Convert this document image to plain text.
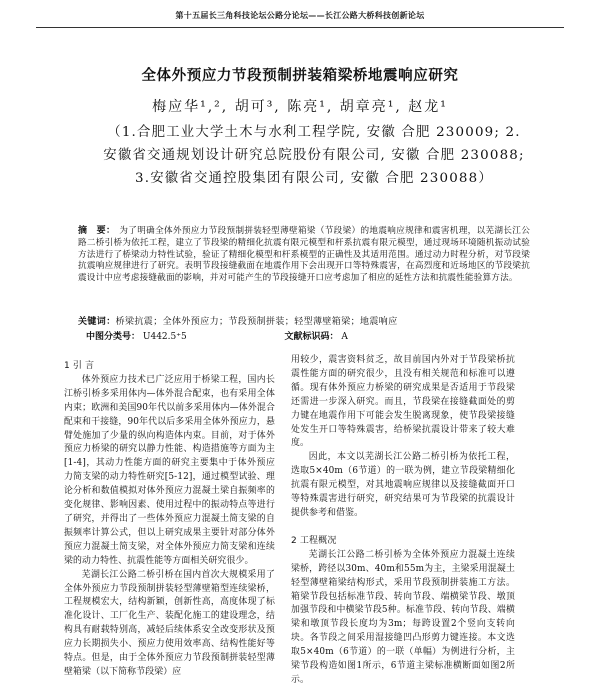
第十五届长三角科技论坛公路分论坛——长江公路大桥科技创新论坛
全体外预应力节段预制拼装箱梁桥地震响应研究
梅应华¹,², 胡可³, 陈亮¹, 胡章亮¹, 赵龙¹
（1.合肥工业大学土木与水利工程学院, 安徽 合肥 230009; 2.
安徽省交通规划设计研究总院股份有限公司, 安徽 合肥 230088;
3.安徽省交通控股集团有限公司, 安徽 合肥 230088）
摘　要： 为了明确全体外预应力节段预制拼装轻型薄壁箱梁（节段梁）的地震响应规律和震害机理，以芜湖长江公路二桥引桥为依托工程，建立了节段梁的精细化抗震有限元模型和杆系抗震有限元模型，通过现场环境随机振动试验方法进行了桥梁动力特性试验，验证了精细化模型和杆系模型的正确性及其适用范围。通过动力时程分析，对节段梁抗震响应规律进行了研究。表明节段接缝截面在地震作用下会出现开口等特殊震害，在高烈度和近场地区的节段梁抗震设计中应考虑接缝截面的影响，并对可能产生的节段接缝开口应考虑加了相应的延性方法和抗震性能验算方法。
关键词：桥梁抗震；全体外预应力；节段预制拼装；轻型薄壁箱梁；地震响应
中图分类号： U442.5⁺5	文献标识码： A

1 引 言

体外预应力技术已广泛应用于桥梁工程，国内长江桥引桥多采用体内—体外混合配束，也有采用全体内束；欧洲和美国90年代以前多采用体内—体外混合配束和干接缝，90年代以后多采用全体外预应力，悬臂处施加了少量的纵向构造体内束。目前，对于体外预应力桥梁的研究以静力性能、构造措施等方面为主[1-4]，其动力性能方面的研究主要集中于体外预应力简支梁的动力特性研究[5-12]，通过模型试验、理论分析和数值模拟对体外预应力混凝土梁自振频率的变化规律、影响因素、使用过程中的振动特点等进行了研究，并得出了一些体外预应力混凝土简支梁的自振频率计算公式，但以上研究成果主要针对部分体外预应力混凝土简支梁，对全体外预应力简支梁和连续梁的动力特性、抗震性能等方面相关研究很少。

芜湖长江公路二桥引桥在国内首次大规模采用了全体外预应力节段预制拼装轻型薄壁箱型连续梁桥，工程规模宏大，结构新颖，创新性高，高度体现了标准化设计、工厂化生产、装配化施工的建设理念，结构具有耐载特别高，减轻后续体系安全改变形状及预应力长期损失小、预应力使用效率高、结构性能好等特点。但是，由于全体外预应力节段预制拼装轻型薄壁箱梁（以下简称节段梁）应

用较少，震害资料贫乏，故目前国内外对于节段梁桥抗震性能方面的研究很少，且没有相关规范和标准可以遵循。现有体外预应力桥梁的研究成果是否适用于节段梁还需进一步深入研究。而且，节段梁在接缝截面处的剪力键在地震作用下可能会发生脱离现象，使节段梁接缝处发生开口等特殊震害，给桥梁抗震设计带来了较大难度。

因此，本文以芜湖长江公路二桥引桥为依托工程，选取5×40m（6节道）的一联为例，建立节段梁精细化抗震有限元模型，对其地震响应规律以及接缝截面开口等特殊震害进行研究，研究结果可为节段梁的抗震设计提供参考和借鉴。

2 工程概况

芜湖长江公路二桥引桥为全体外预应力混凝土连续梁桥，跨径以30m、40m和55m为主，主梁采用混凝土轻型薄壁箱梁结构形式，采用节段预制拼装施工方法。箱梁节段包括标准节段、转向节段、端横梁节段、墩顶加强节段和中横梁节段5种。标准节段、转向节段、端横梁和墩顶节段长度均为3m；每跨设置2个竖向支转向块。各节段之间采用湿接缝凹凸形剪力键连接。本文选取5×40m（6节道）的一联（单幅）为例进行分析，主梁节段构造如图1所示，6节道主梁标准横断面如图2所示。
